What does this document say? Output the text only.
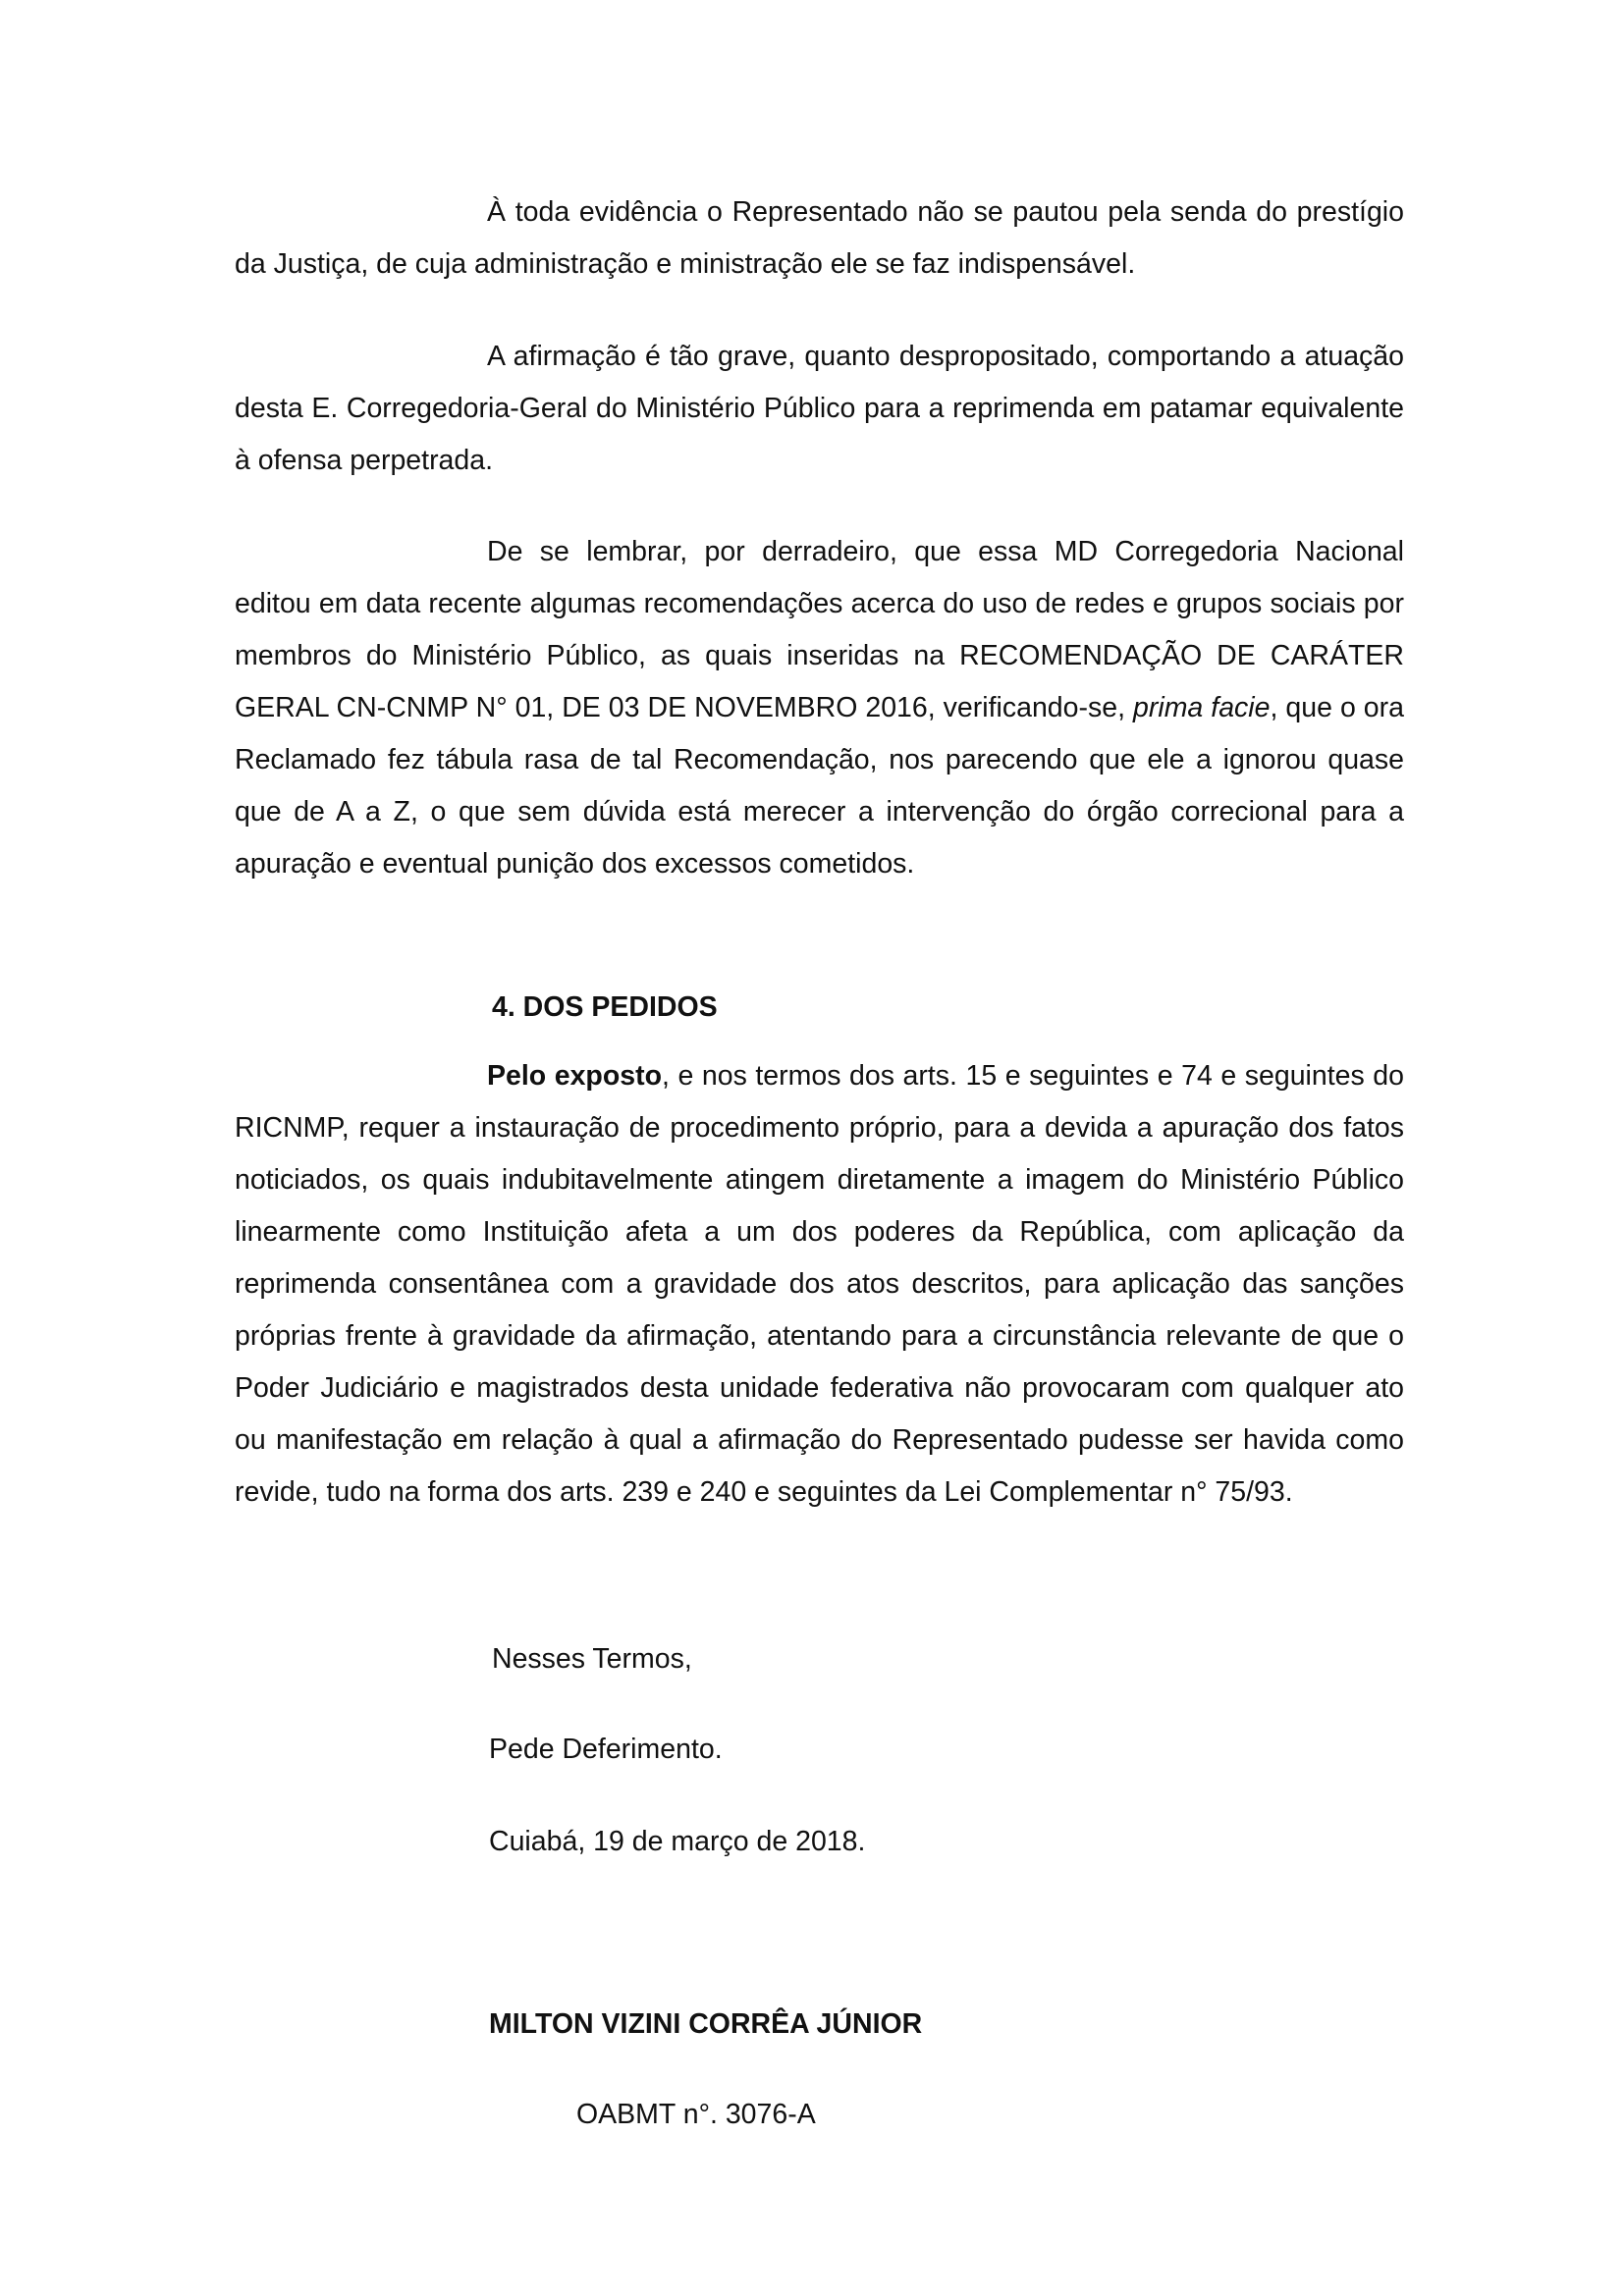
À toda evidência o Representado não se pautou pela senda do prestígio da Justiça, de cuja administração e ministração ele se faz indispensável.

A afirmação é tão grave, quanto despropositado, comportando a atuação desta E. Corregedoria-Geral do Ministério Público para a reprimenda em patamar equivalente à ofensa perpetrada.

De se lembrar, por derradeiro, que essa MD Corregedoria Nacional editou em data recente algumas recomendações acerca do uso de redes e grupos sociais por membros do Ministério Público, as quais inseridas na RECOMENDAÇÃO DE CARÁTER GERAL CN-CNMP N° 01, DE 03 DE NOVEMBRO 2016, verificando-se, prima facie, que o ora Reclamado fez tábula rasa de tal Recomendação, nos parecendo que ele a ignorou quase que de A a Z, o que sem dúvida está merecer a intervenção do órgão correcional para a apuração e eventual punição dos excessos cometidos.

4. DOS PEDIDOS

Pelo exposto, e nos termos dos arts. 15 e seguintes e 74 e seguintes do RICNMP, requer a instauração de procedimento próprio, para a devida a apuração dos fatos noticiados, os quais indubitavelmente atingem diretamente a imagem do Ministério Público linearmente como Instituição afeta a um dos poderes da República, com aplicação da reprimenda consentânea com a gravidade dos atos descritos, para aplicação das sanções próprias frente à gravidade da afirmação, atentando para a circunstância relevante de que o Poder Judiciário e magistrados desta unidade federativa não provocaram com qualquer ato ou manifestação em relação à qual a afirmação do Representado pudesse ser havida como revide, tudo na forma dos arts. 239 e 240 e seguintes da Lei Complementar n° 75/93.

Nesses Termos,

Pede Deferimento.

Cuiabá, 19 de março de 2018.

MILTON VIZINI CORRÊA JÚNIOR

OABMT n°. 3076-A
